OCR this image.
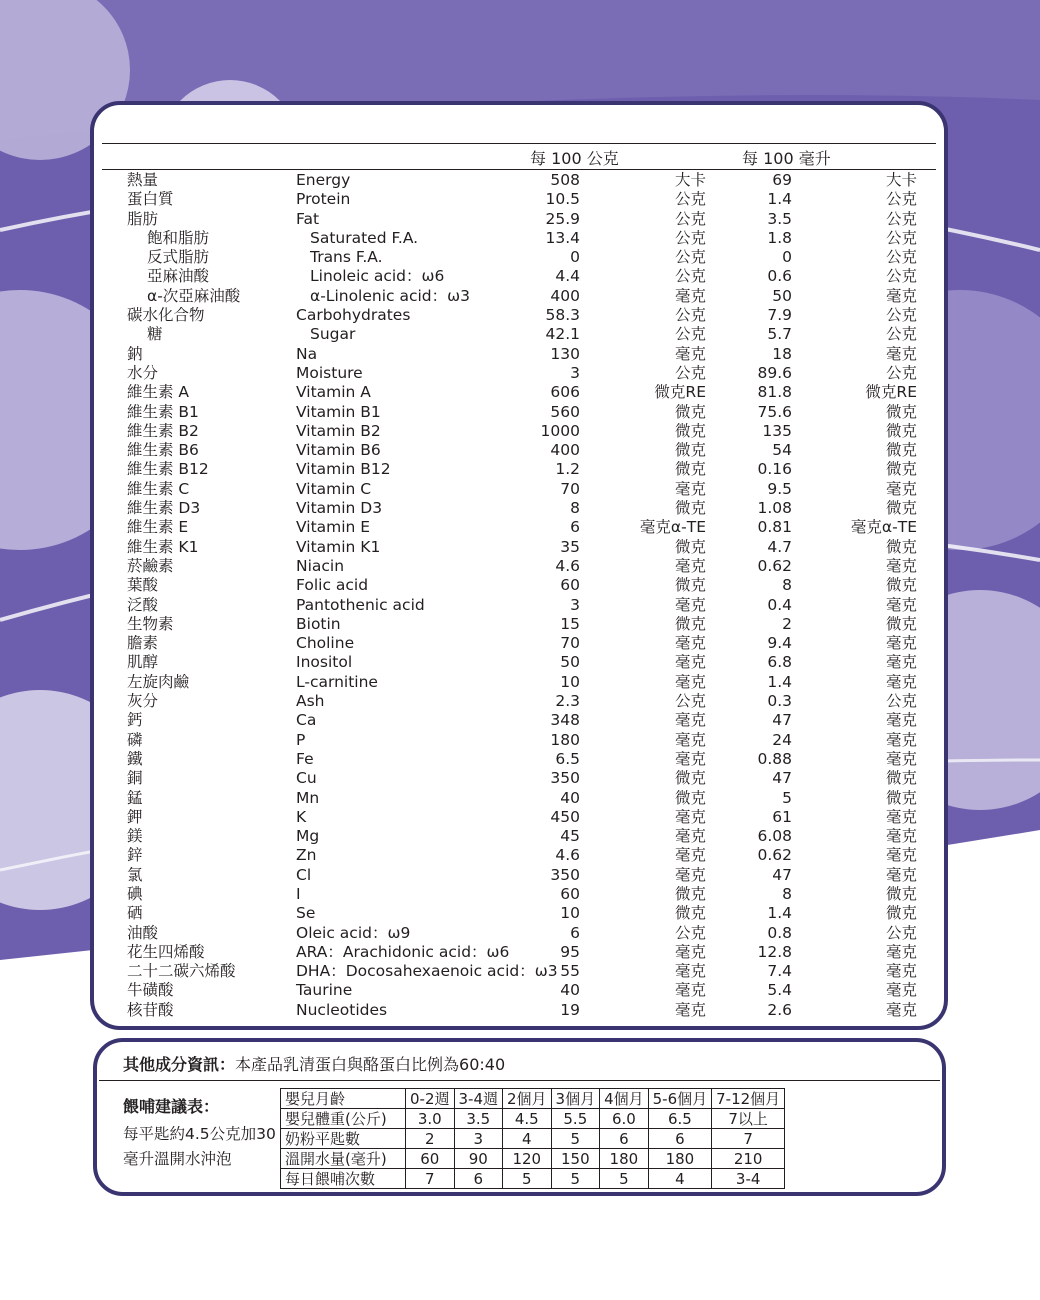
每 100 公克	每 100 毫升
熱量	Energy	508	大卡	69	大卡
蛋白質	Protein	10.5	公克	1.4	公克
脂肪	Fat	25.9	公克	3.5	公克
飽和脂肪	Saturated F.A.	13.4	公克	1.8	公克
反式脂肪	Trans F.A.	0	公克	0	公克
亞麻油酸	Linoleic acid：ω6	4.4	公克	0.6	公克
α-次亞麻油酸	α-Linolenic acid：ω3	400	毫克	50	毫克
碳水化合物	Carbohydrates	58.3	公克	7.9	公克
糖	Sugar	42.1	公克	5.7	公克
鈉	Na	130	毫克	18	毫克
水分	Moisture	3	公克	89.6	公克
維生素 A	Vitamin A	606	微克RE	81.8	微克RE
維生素 B1	Vitamin B1	560	微克	75.6	微克
維生素 B2	Vitamin B2	1000	微克	135	微克
維生素 B6	Vitamin B6	400	微克	54	微克
維生素 B12	Vitamin B12	1.2	微克	0.16	微克
維生素 C	Vitamin C	70	毫克	9.5	毫克
維生素 D3	Vitamin D3	8	微克	1.08	微克
維生素 E	Vitamin E	6	毫克α-TE	0.81	毫克α-TE
維生素 K1	Vitamin K1	35	微克	4.7	微克
菸鹼素	Niacin	4.6	毫克	0.62	毫克
葉酸	Folic acid	60	微克	8	微克
泛酸	Pantothenic acid	3	毫克	0.4	毫克
生物素	Biotin	15	微克	2	微克
膽素	Choline	70	毫克	9.4	毫克
肌醇	Inositol	50	毫克	6.8	毫克
左旋肉鹼	L-carnitine	10	毫克	1.4	毫克
灰分	Ash	2.3	公克	0.3	公克
鈣	Ca	348	毫克	47	毫克
磷	P	180	毫克	24	毫克
鐵	Fe	6.5	毫克	0.88	毫克
銅	Cu	350	微克	47	微克
錳	Mn	40	微克	5	微克
鉀	K	450	毫克	61	毫克
鎂	Mg	45	毫克	6.08	毫克
鋅	Zn	4.6	毫克	0.62	毫克
氯	Cl	350	毫克	47	毫克
碘	I	60	微克	8	微克
硒	Se	10	微克	1.4	微克
油酸	Oleic acid：ω9	6	公克	0.8	公克
花生四烯酸	ARA：Arachidonic acid：ω6	95	毫克	12.8	毫克
二十二碳六烯酸	DHA：Docosahexaenoic acid：ω3 55	毫克	7.4	毫克
牛磺酸	Taurine	40	毫克	5.4	毫克
核苷酸	Nucleotides	19	毫克	2.6	毫克
其他成分資訊：本產品乳清蛋白與酪蛋白比例為60:40
餵哺建議表：
每平匙約4.5公克加30毫升溫開水沖泡
嬰兒月齡	0-2週	3-4週	2個月	3個月	4個月	5-6個月	7-12個月
嬰兒體重(公斤)	3.0	3.5	4.5	5.5	6.0	6.5	7以上
奶粉平匙數	2	3	4	5	6	6	7
溫開水量(毫升)	60	90	120	150	180	180	210
每日餵哺次數	7	6	5	5	5	4	3-4
